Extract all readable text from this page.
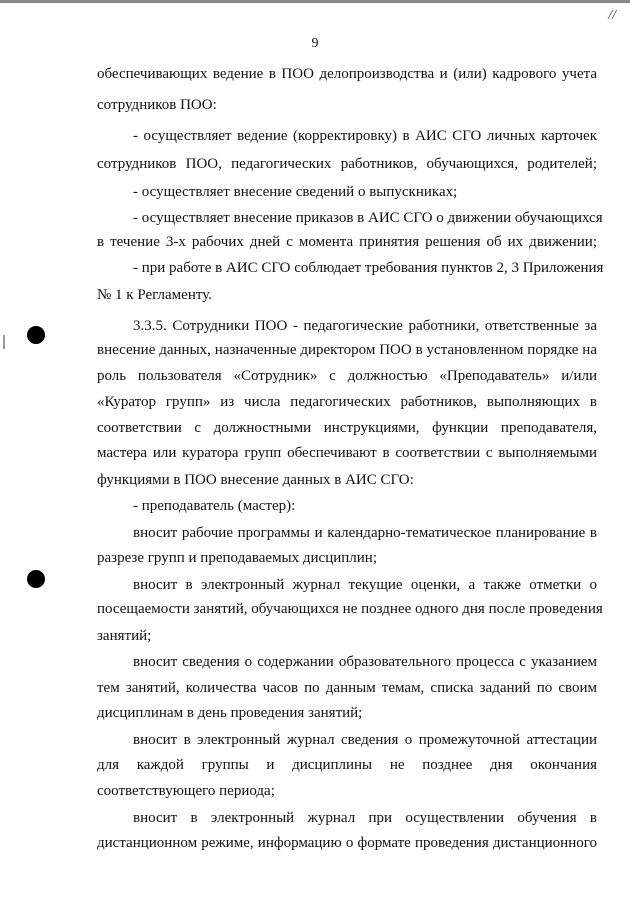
//
9
обеспечивающих ведение в ПОО делопроизводства и (или) кадрового учета
сотрудников ПОО:
- осуществляет ведение (корректировку) в АИС СГО личных карточек
сотрудников ПОО, педагогических работников, обучающихся, родителей;
- осуществляет внесение сведений о выпускниках;
- осуществляет внесение приказов в АИС СГО о движении обучающихся
в течение 3-х рабочих дней с момента принятия решения об их движении;
- при работе в АИС СГО соблюдает требования пунктов 2, 3 Приложения
№ 1 к Регламенту.
3.3.5. Сотрудники ПОО - педагогические работники, ответственные за
внесение данных, назначенные директором ПОО в установленном порядке на
роль пользователя «Сотрудник» с должностью «Преподаватель» и/или
«Куратор групп» из числа педагогических работников, выполняющих в
соответствии с должностными инструкциями, функции преподавателя,
мастера или куратора групп обеспечивают в соответствии с выполняемыми
функциями в ПОО внесение данных в АИС СГО:
- преподаватель (мастер):
вносит рабочие программы и календарно-тематическое планирование в
разрезе групп и преподаваемых дисциплин;
вносит в электронный журнал текущие оценки, а также отметки о
посещаемости занятий, обучающихся не позднее одного дня после проведения
занятий;
вносит сведения о содержании образовательного процесса с указанием
тем занятий, количества часов по данным темам, списка заданий по своим
дисциплинам в день проведения занятий;
вносит в электронный журнал сведения о промежуточной аттестации
для каждой группы и дисциплины не позднее дня окончания
соответствующего периода;
вносит в электронный журнал при осуществлении обучения в
дистанционном режиме, информацию о формате проведения дистанционного
